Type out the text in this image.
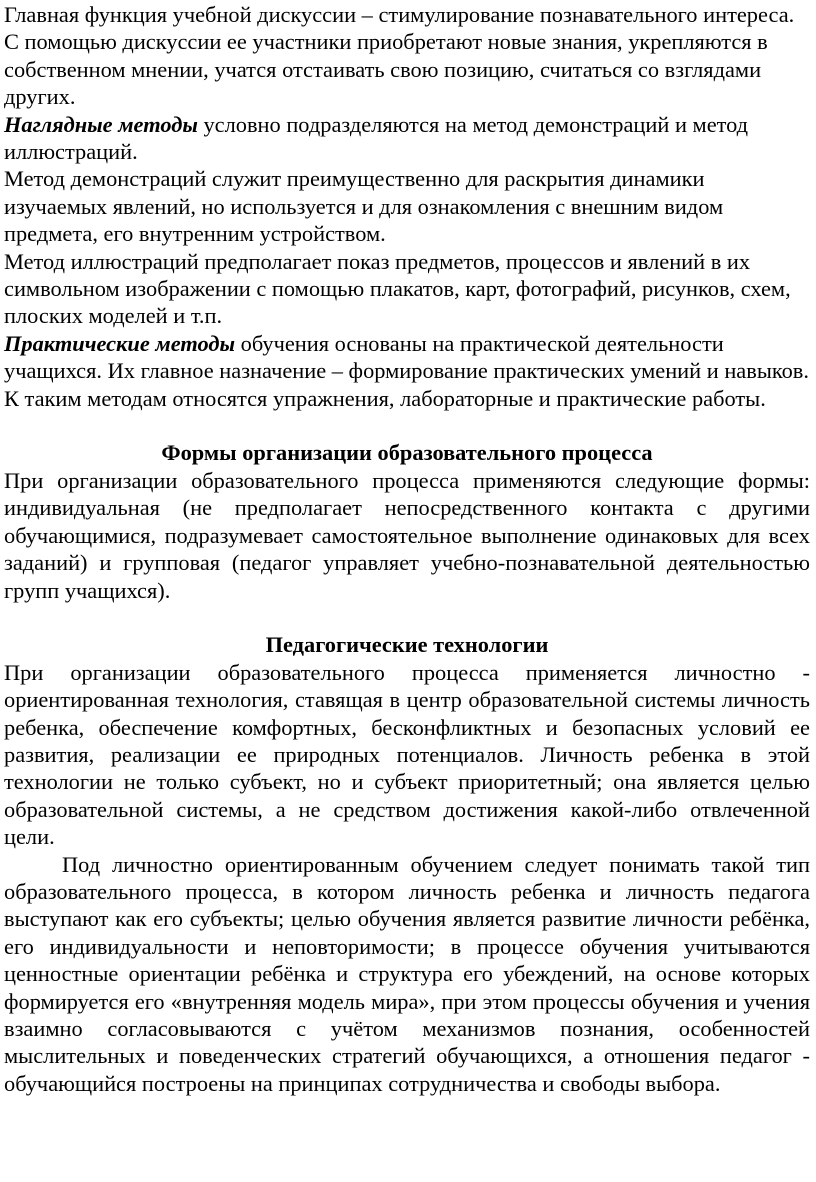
Главная функция учебной дискуссии – стимулирование познавательного интереса. С помощью дискуссии ее участники приобретают новые знания, укрепляются в собственном мнении, учатся отстаивать свою позицию, считаться со взглядами других.

Наглядные методы условно подразделяются на метод демонстраций и метод иллюстраций.

Метод демонстраций служит преимущественно для раскрытия динамики изучаемых явлений, но используется и для ознакомления с внешним видом предмета, его внутренним устройством.

Метод иллюстраций предполагает показ предметов, процессов и явлений в их символьном изображении с помощью плакатов, карт, фотографий, рисунков, схем, плоских моделей и т.п.

Практические методы обучения основаны на практической деятельности учащихся. Их главное назначение – формирование практических умений и навыков. К таким методам относятся упражнения, лабораторные и практические работы.

Формы организации образовательного процесса

При организации образовательного процесса применяются следующие формы: индивидуальная (не предполагает непосредственного контакта с другими обучающимися, подразумевает самостоятельное выполнение одинаковых для всех заданий) и групповая (педагог управляет учебно-познавательной деятельностью групп учащихся).

Педагогические технологии

При организации образовательного процесса применяется личностно - ориентированная технология, ставящая в центр образовательной системы личность ребенка, обеспечение комфортных, бесконфликтных и безопасных условий ее развития, реализации ее природных потенциалов. Личность ребенка в этой технологии не только субъект, но и субъект приоритетный; она является целью образовательной системы, а не средством достижения какой-либо отвлеченной цели.

Под личностно ориентированным обучением следует понимать такой тип образовательного процесса, в котором личность ребенка и личность педагога выступают как его субъекты; целью обучения является развитие личности ребёнка, его индивидуальности и неповторимости; в процессе обучения учитываются ценностные ориентации ребёнка и структура его убеждений, на основе которых формируется его «внутренняя модель мира», при этом процессы обучения и учения взаимно согласовываются с учётом механизмов познания, особенностей мыслительных и поведенческих стратегий обучающихся, а отношения педагог - обучающийся построены на принципах сотрудничества и свободы выбора.
